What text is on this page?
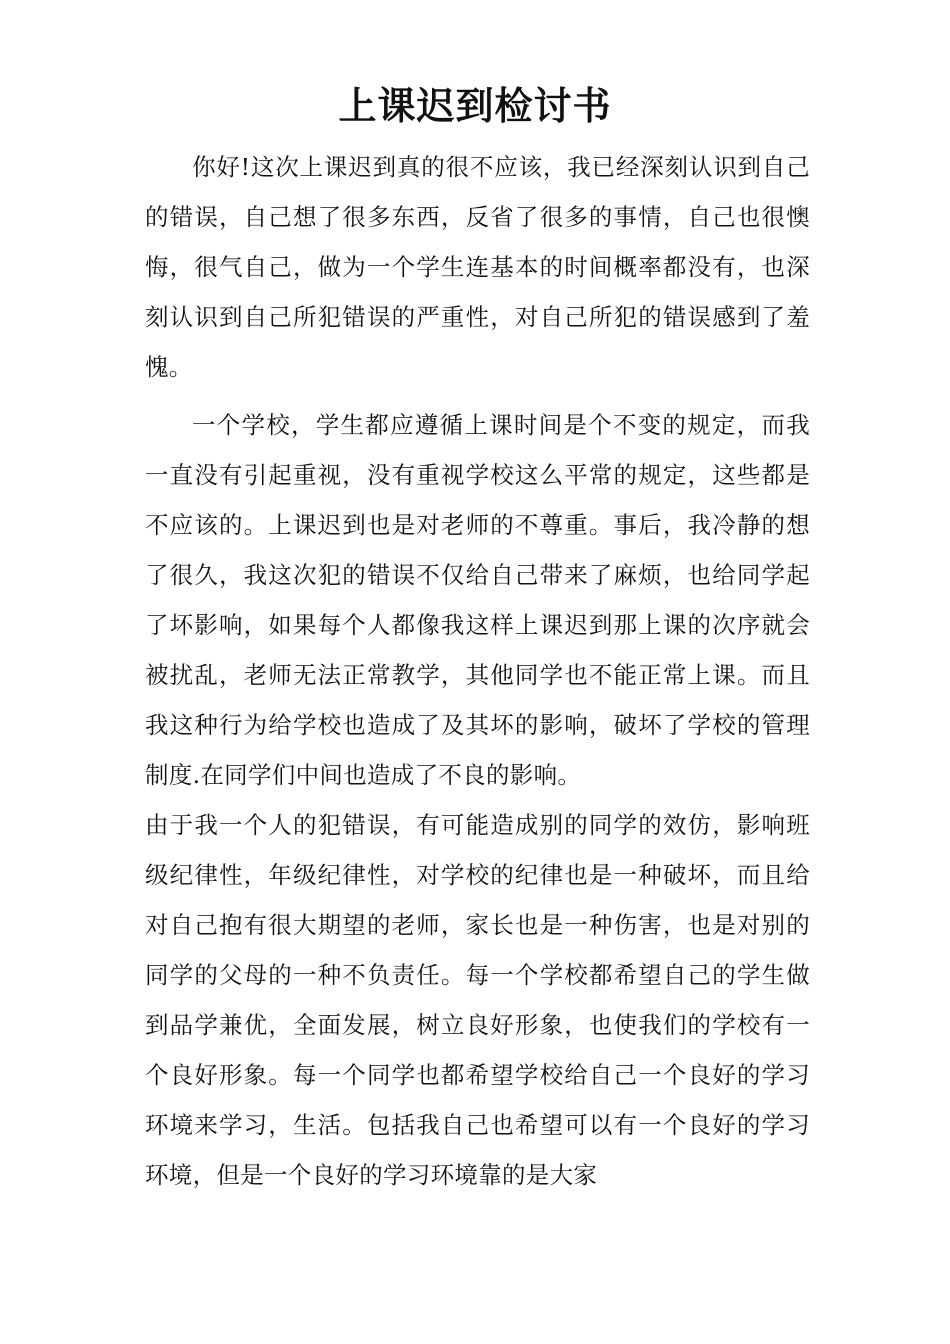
上课迟到检讨书

你好!这次上课迟到真的很不应该，我已经深刻认识到自己的错误，自己想了很多东西，反省了很多的事情，自己也很懊悔，很气自己，做为一个学生连基本的时间概率都没有，也深刻认识到自己所犯错误的严重性，对自己所犯的错误感到了羞愧。

一个学校，学生都应遵循上课时间是个不变的规定，而我一直没有引起重视，没有重视学校这么平常的规定，这些都是不应该的。上课迟到也是对老师的不尊重。事后，我冷静的想了很久，我这次犯的错误不仅给自己带来了麻烦，也给同学起了坏影响，如果每个人都像我这样上课迟到那上课的次序就会被扰乱，老师无法正常教学，其他同学也不能正常上课。而且我这种行为给学校也造成了及其坏的影响，破坏了学校的管理制度.在同学们中间也造成了不良的影响。

由于我一个人的犯错误，有可能造成别的同学的效仿，影响班级纪律性，年级纪律性，对学校的纪律也是一种破坏，而且给对自己抱有很大期望的老师，家长也是一种伤害，也是对别的同学的父母的一种不负责任。每一个学校都希望自己的学生做到品学兼优，全面发展，树立良好形象，也使我们的学校有一个良好形象。每一个同学也都希望学校给自己一个良好的学习环境来学习，生活。包括我自己也希望可以有一个良好的学习环境，但是一个良好的学习环境靠的是大家
